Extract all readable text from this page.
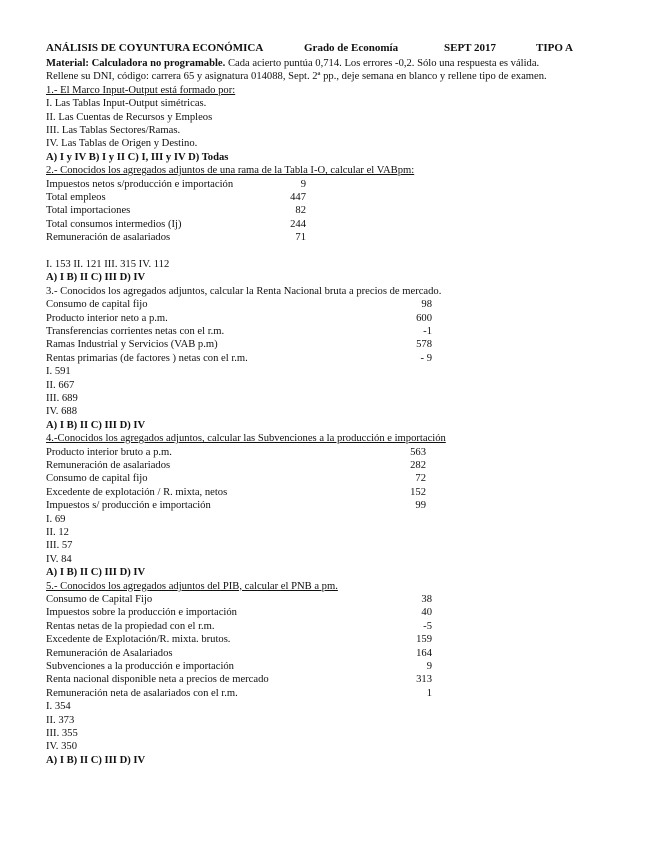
ANÁLISIS DE COYUNTURA ECONÓMICA	Grado de Economía	SEPT 2017	TIPO A
Material: Calculadora no programable. Cada acierto puntúa 0,714. Los errores -0,2. Sólo una respuesta es válida.
Rellene su DNI, código: carrera 65 y asignatura 014088, Sept. 2ª pp., deje semana en blanco y rellene tipo de examen.
1.- El Marco Input-Output está formado por:
I. Las Tablas Input-Output simétricas.
II. Las Cuentas de Recursos y Empleos
III. Las Tablas Sectores/Ramas.
IV. Las Tablas de Origen y Destino.
A) I y IV B) I y II C) I, III y IV D) Todas
2.- Conocidos los agregados adjuntos de una rama de la Tabla I-O, calcular el VABpm:
Impuestos netos s/producción e importación	9
Total empleos	447
Total importaciones	82
Total consumos intermedios (Ij)	244
Remuneración de asalariados	71
I. 153 II. 121 III. 315 IV. 112
A) I B) II C) III D) IV
3.- Conocidos los agregados adjuntos, calcular la Renta Nacional bruta a precios de mercado.
Consumo de capital fijo	98
Producto interior neto a p.m.	600
Transferencias corrientes netas con el r.m.	-1
Ramas Industrial y Servicios (VAB p.m)	578
Rentas primarias (de factores ) netas con el r.m.	- 9
I. 591
II. 667
III. 689
IV. 688
A) I B) II C) III D) IV
4.-Conocidos los agregados adjuntos, calcular las Subvenciones a la producción e importación
Producto interior bruto a p.m.	563
Remuneración de asalariados	282
Consumo de capital fijo	72
Excedente de explotación / R. mixta, netos	152
Impuestos s/ producción e importación	99
I. 69
II. 12
III. 57
IV. 84
A) I B) II C) III D) IV
5.- Conocidos los agregados adjuntos del PIB, calcular el PNB a pm.
Consumo de Capital Fijo	38
Impuestos sobre la producción e importación	40
Rentas netas de la propiedad con el r.m.	-5
Excedente de Explotación/R. mixta. brutos.	159
Remuneración de Asalariados	164
Subvenciones a la producción e importación	9
Renta nacional disponible neta a precios de mercado	313
Remuneración neta de asalariados con el r.m.	1
I. 354
II. 373
III. 355
IV. 350
A) I B) II C) III D) IV
